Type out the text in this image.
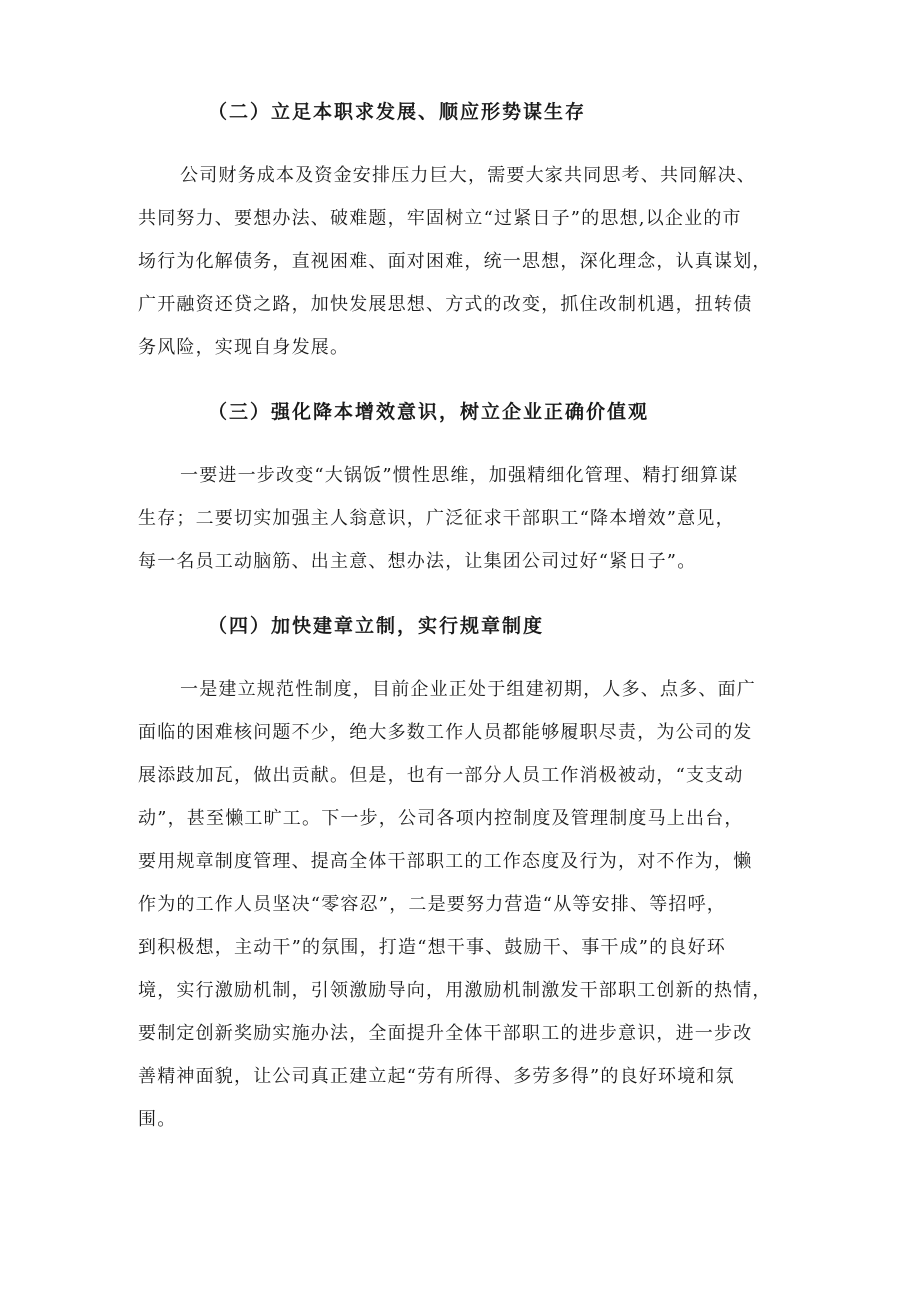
（二）立足本职求发展、顺应形势谋生存
公司财务成本及资金安排压力巨大，需要大家共同思考、共同解决、
共同努力、要想办法、破难题，牢固树立“过紧日子”的思想,以企业的市
场行为化解债务，直视困难、面对困难，统一思想，深化理念，认真谋划，
广开融资还贷之路，加快发展思想、方式的改变，抓住改制机遇，扭转债
务风险，实现自身发展。
（三）强化降本增效意识，树立企业正确价值观
一要进一步改变“大锅饭”惯性思维，加强精细化管理、精打细算谋
生存；二要切实加强主人翁意识，广泛征求干部职工“降本增效”意见，
每一名员工动脑筋、出主意、想办法，让集团公司过好“紧日子”。
（四）加快建章立制，实行规章制度
一是建立规范性制度，目前企业正处于组建初期，人多、点多、面广
面临的困难核问题不少，绝大多数工作人员都能够履职尽责，为公司的发
展添跂加瓦，做出贡献。但是，也有一部分人员工作消极被动，“支支动
动”，甚至懒工旷工。下一步，公司各项内控制度及管理制度马上出台，
要用规章制度管理、提高全体干部职工的工作态度及行为，对不作为，懒
作为的工作人员坚决“零容忍”，二是要努力营造“从等安排、等招呼，
到积极想，主动干”的氛围，打造“想干事、鼓励干、事干成”的良好环
境，实行激励机制，引领激励导向，用激励机制激发干部职工创新的热情，
要制定创新奖励实施办法，全面提升全体干部职工的进步意识，进一步改
善精神面貌，让公司真正建立起“劳有所得、多劳多得”的良好环境和氛
围。
